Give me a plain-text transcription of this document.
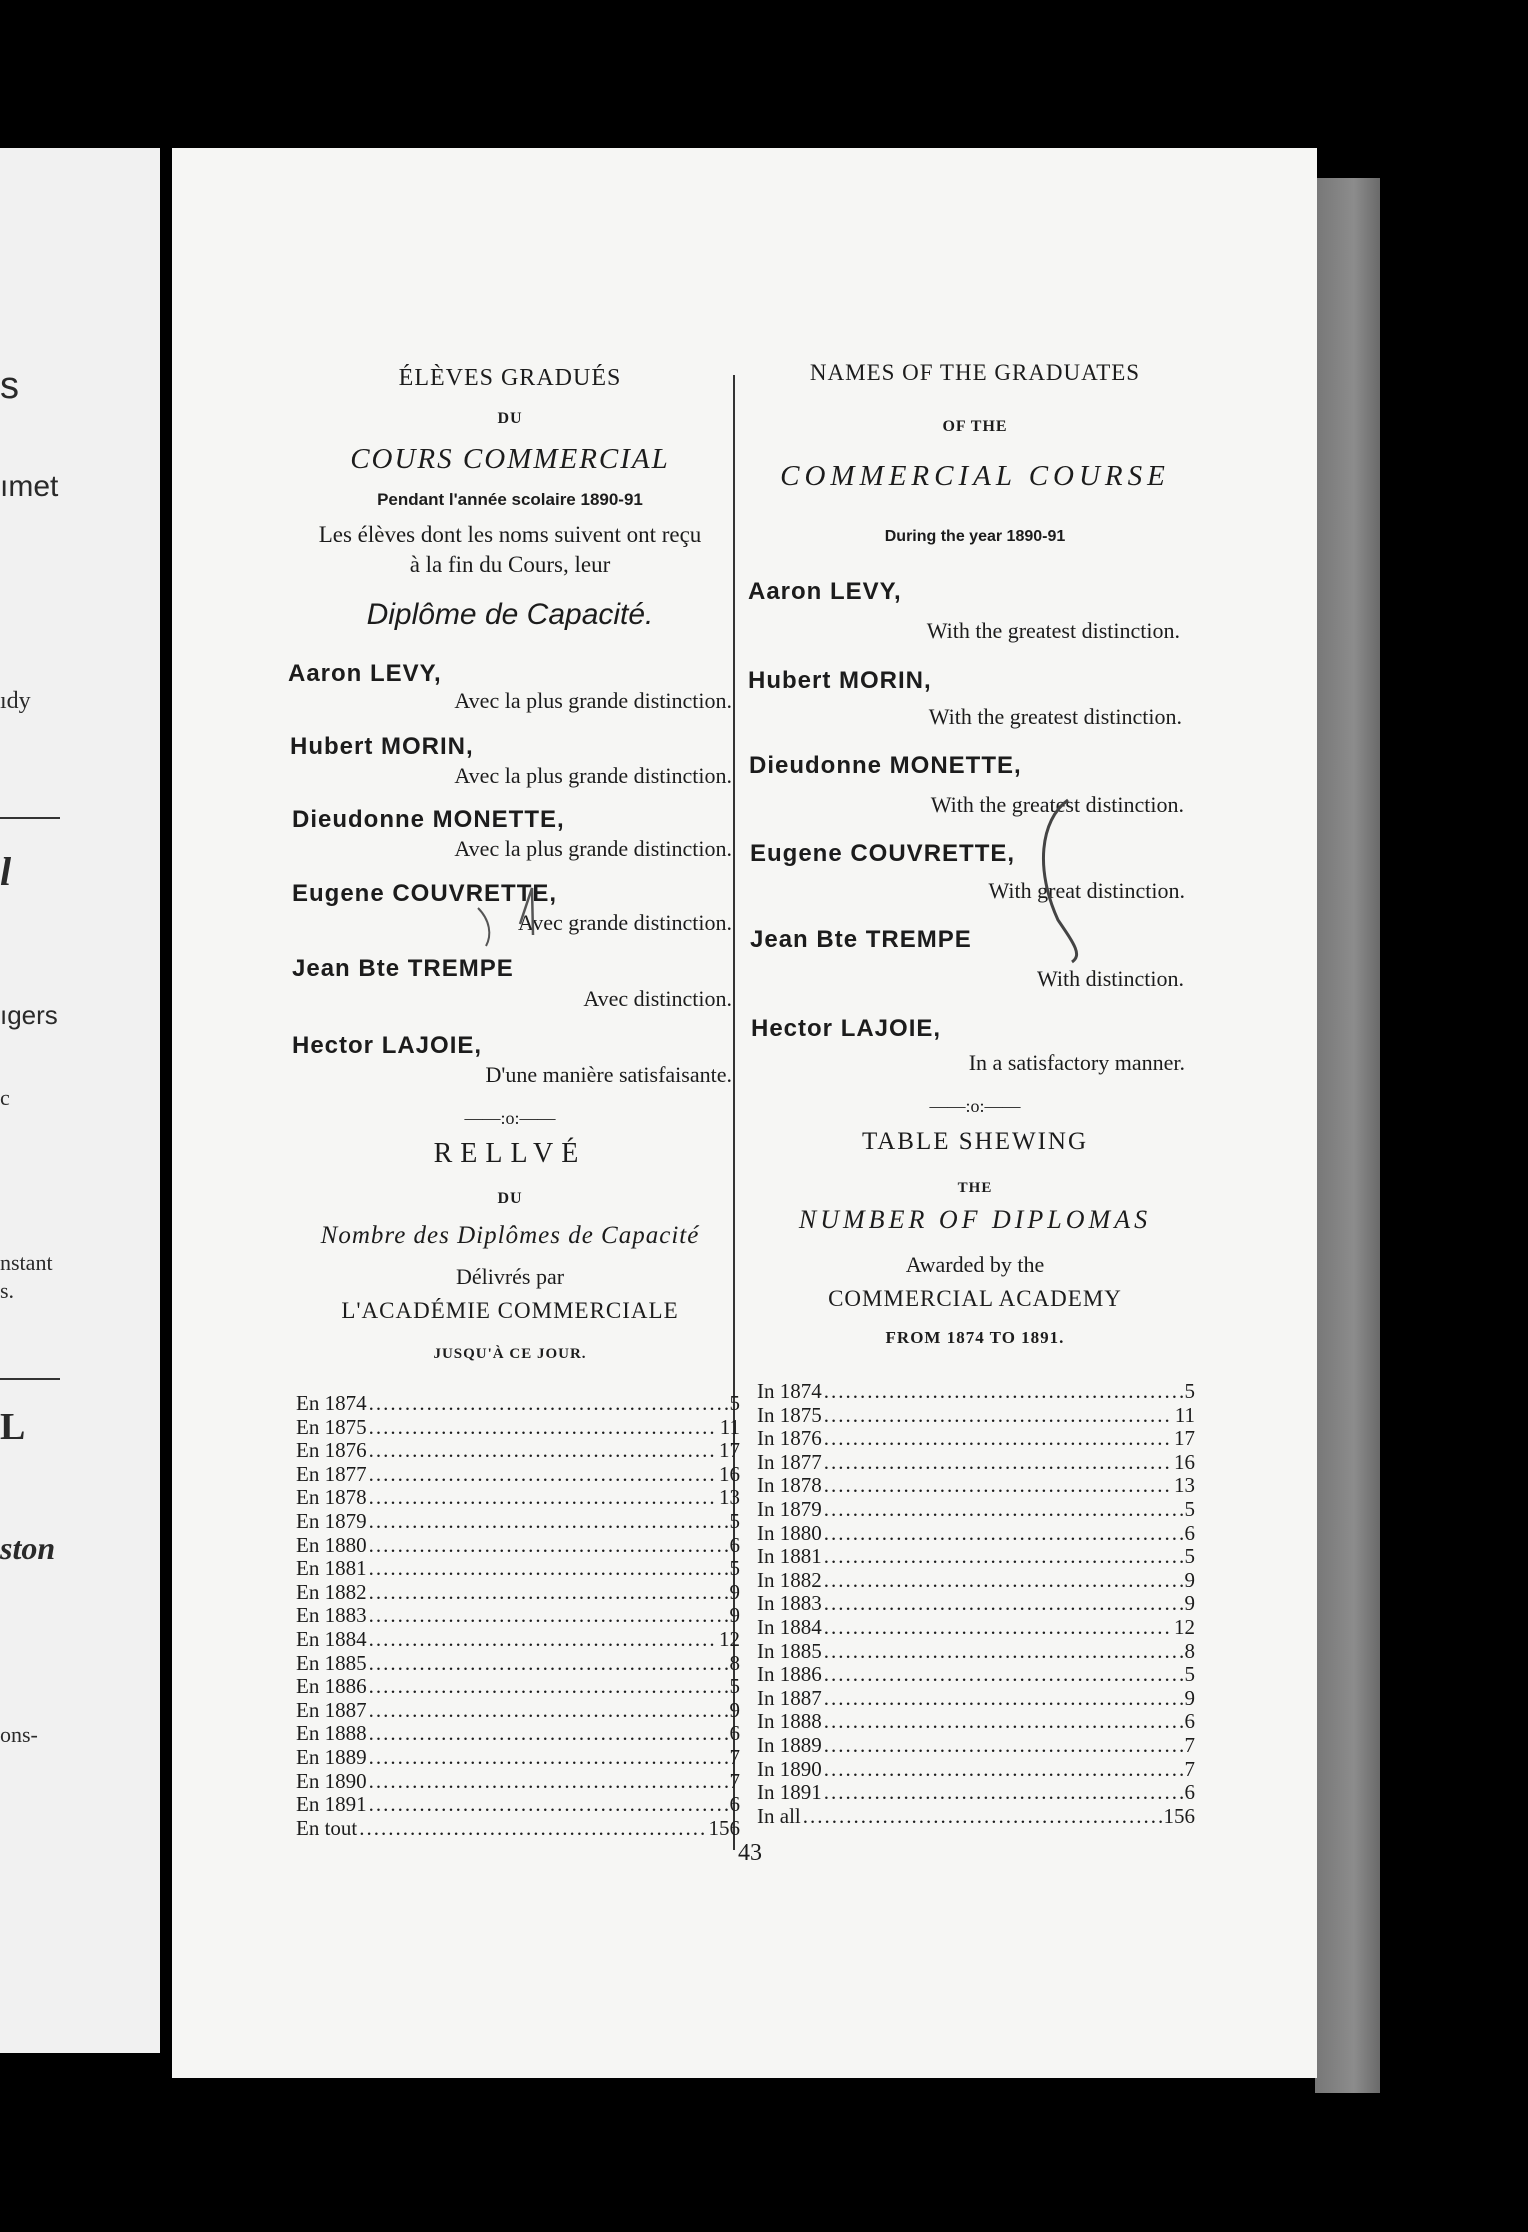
s
ımet
ıdy
l
ıgers
c
nstant
s.
L
ston
ons-
ÉLÈVES GRADUÉS
DU
COURS COMMERCIAL
Pendant l'année scolaire 1890-91
Les élèves dont les noms suivent ont reçu
à la fin du Cours, leur
Diplôme de Capacité.
Aaron LEVY,
Avec la plus grande distinction.
Hubert MORIN,
Avec la plus grande distinction.
Dieudonne MONETTE,
Avec la plus grande distinction.
Eugene COUVRETTE,
Avec grande distinction.
Jean Bte TREMPE
Avec distinction.
Hector LAJOIE,
D'une manière satisfaisante.
——:o:——
RELLVÉ
DU
Nombre des Diplômes de Capacité
Délivrés par
L'ACADÉMIE COMMERCIALE
JUSQU'À CE JOUR.
En 1874 .....	5
En 1875 .....	11
En 1876 .....	17
En 1877 .....	16
En 1878 .....	13
En 1879 .....	5
En 1880 .....	6
En 1881 .....	5
En 1882 .....	9
En 1883 .....	9
En 1884 .....	12
En 1885 .....	8
En 1886 .....	5
En 1887 .....	9
En 1888 .....	6
En 1889 .....	7
En 1890 .....	7
En 1891 .....	6
En tout .....	156
NAMES OF THE GRADUATES
OF THE
COMMERCIAL COURSE
During the year 1890-91
Aaron LEVY,
With the greatest distinction.
Hubert MORIN,
With the greatest distinction.
Dieudonne MONETTE,
With the greatest distinction.
Eugene COUVRETTE,
With great distinction.
Jean Bte TREMPE
With distinction.
Hector LAJOIE,
In a satisfactory manner.
——:o:——
TABLE SHEWING
THE
NUMBER OF DIPLOMAS
Awarded by the
COMMERCIAL ACADEMY
FROM 1874 TO 1891.
In 1874 .....	5
In 1875 .....	11
In 1876 .....	17
In 1877 .....	16
In 1878 .....	13
In 1879 .....	5
In 1880 .....	6
In 1881 .....	5
In 1882 .....	9
In 1883 .....	9
In 1884 .....	12
In 1885 .....	8
In 1886 .....	5
In 1887 .....	9
In 1888 .....	6
In 1889 .....	7
In 1890 .....	7
In 1891 .....	6
In all .....	156
43
